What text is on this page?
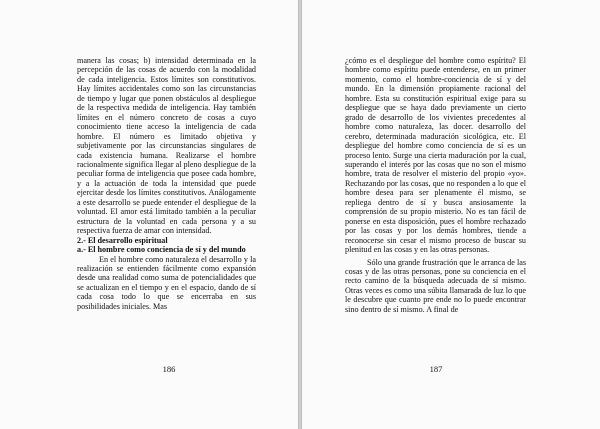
manera las cosas; b) intensidad determinada en la percepción de las cosas de acuerdo con la modalidad de cada inteligencia. Estos límites son constitutivos. Hay límites accidentales como son las circunstancias de tiempo y lugar que ponen obstáculos al despliegue de la respectiva medida de inteligencia. Hay también límites en el número concreto de cosas a cuyo conocimiento tiene acceso la inteligencia de cada hombre. El número es limitado objetiva y subjetivamente por las circunstancias singulares de cada existencia humana. Realizarse el hombre racionalmente significa llegar al pleno despliegue de la peculiar forma de inteligencia que posee cada hombre, y a la actuación de toda la intensidad que puede ejercitar desde los límites constitutivos. Análogamente a este desarrollo se puede entender el despliegue de la voluntad. El amor está limitado también a la peculiar estructura de la voluntad en cada persona y a su respectiva fuerza de amar con intensidad.

2.- El desarrollo espiritual

a.- El hombre como conciencia de sí y del mundo

En el hombre como naturaleza el desarrollo y la realización se entienden fácilmente como expansión desde una realidad como suma de potencialidades que se actualizan en el tiempo y en el espacio, dando de sí cada cosa todo lo que se encerraba en sus posibilidades iniciales. Mas

186

¿cómo es el despliegue del hombre como espíritu? El hombre como espíritu puede entenderse, en un primer momento, como el hombre-conciencia de sí y del mundo. En la dimensión propiamente racional del hombre. Esta su constitución espiritual exige para su despliegue que se haya dado previamente un cierto grado de desarrollo de los vivientes precedentes al hombre como naturaleza, las docer. desarrollo del cerebro, determinada maduración sicológica, etc. El despliegue del hombre como conciencia de sí es un proceso lento. Surge una cierta maduración por la cual, superando el interés por las cosas que no son el mismo hombre, trata de resolver el misterio del propio «yo». Rechazando por las cosas, que no responden a lo que el hombre desea para ser plenamente él mismo, se repliega dentro de sí y busca ansiosamente la comprensión de su propio misterio. No es tan fácil de ponerse en esta disposición, pues el hombre rechazado por las cosas y por los demás hombres, tiende a reconocerse sin cesar el mismo proceso de buscar su plenitud en las cosas y en las otras personas.

Sólo una grande frustración que le arranca de las cosas y de las otras personas, pone su conciencia en el recto camino de la búsqueda adecuada de sí mismo. Otras veces es como una súbita llamarada de luz lo que le descubre que cuanto pre ende no lo puede encontrar sino dentro de sí mismo. A final de

187
